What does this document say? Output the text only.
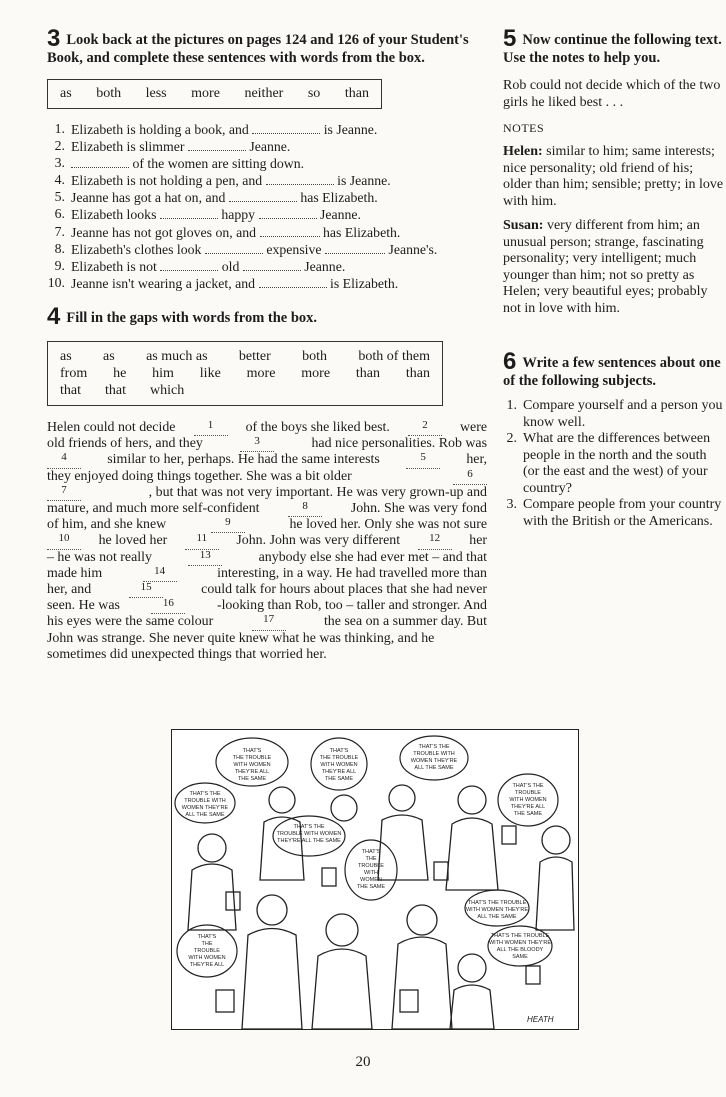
3 Look back at the pictures on pages 124 and 126 of your Student's Book, and complete these sentences with words from the box.
as both less more neither so than
1. Elizabeth is holding a book, and	is Jeanne.
2. Elizabeth is slimmer	Jeanne.
3.	of the women are sitting down.
4. Elizabeth is not holding a pen, and	is Jeanne.
5. Jeanne has got a hat on, and	has Elizabeth.
6. Elizabeth looks	happy	Jeanne.
7. Jeanne has not got gloves on, and	has Elizabeth.
8. Elizabeth's clothes look	expensive	Jeanne's.
9. Elizabeth is not	old	Jeanne.
10. Jeanne isn't wearing a jacket, and	is Elizabeth.
4 Fill in the gaps with words from the box.
as as as much as better both both of them
from he him like more more than than
that that which
Helen could not decide	1	of the boys she liked best.	2	were
old friends of hers, and they	3	had nice personalities. Rob was
4	similar to her, perhaps. He had the same interests	5	her,
they enjoyed doing things together. She was a bit older	6
7	, but that was not very important. He was very grown-up and
mature, and much more self-confident	8	John. She was very fond
of him, and she knew	9	he loved her. Only she was not sure
10	he loved her	11	John. John was very different	12	her
– he was not really	13	anybody else she had ever met – and that
made him	14	interesting, in a way. He had travelled more than
her, and	15	could talk for hours about places that she had never
seen. He was	16	-looking than Rob, too – taller and stronger. And
his eyes were the same colour	17	the sea on a summer day. But
John was strange. She never quite knew what he was thinking, and he
sometimes did unexpected things that worried her.
5 Now continue the following text. Use the notes to help you.
Rob could not decide which of the two girls he liked best . . .
NOTES
Helen: similar to him; same interests; nice personality; old friend of his; older than him; sensible; pretty; in love with him.
Susan: very different from him; an unusual person; strange, fascinating personality; very intelligent; much younger than him; not so pretty as Helen; very beautiful eyes; probably not in love with him.
6 Write a few sentences about one of the following subjects.
1. Compare yourself and a person you know well.
2. What are the differences between people in the north and the south (or the east and the west) of your country?
3. Compare people from your country with the British or the Americans.
THAT'S
THE TROUBLE
WITH WOMEN
THEY'RE ALL
THE SAME
THAT'S
THE TROUBLE
WITH WOMEN
THEY'RE ALL
THE SAME
THAT'S THE
TROUBLE WITH
WOMEN THEY'RE
ALL THE SAME
THAT'S THE
TROUBLE WITH
WOMEN THEY'RE
ALL THE SAME
THAT'S THE
TROUBLE
WITH WOMEN
THEY'RE ALL
THE SAME
THAT'S THE
TROUBLE WITH WOMEN
THEY'RE ALL THE SAME
THAT'S
THE
TROUBLE
WITH
WOMEN
THE SAME
THAT'S THE TROUBLE
WITH WOMEN THEY'RE
ALL THE SAME
THAT'S THE TROUBLE
WITH WOMEN THEY'RE
ALL THE BLOODY
SAME
THAT'S
THE
TROUBLE
WITH WOMEN
THEY'RE ALL
HEATH
20
